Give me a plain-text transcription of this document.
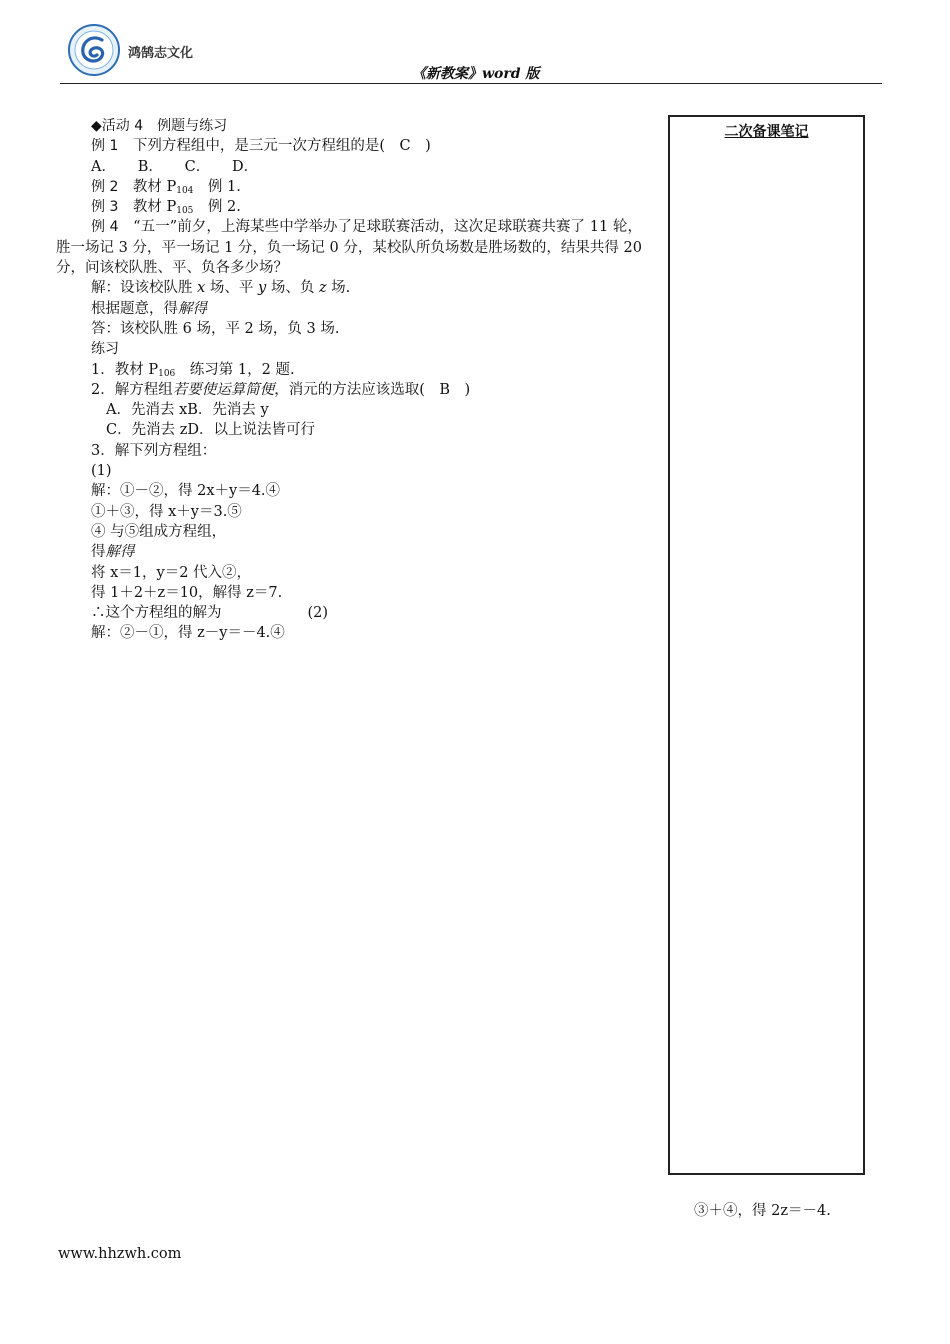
鸿鹄志文化
《新教案》word 版
◆活动 4　例题与练习
例 1　 下列方程组中，是三元一次方程组的是(　C　)
A．　　B．　　C．　　D．
例 2　 教材 $P_{104}$　例 1.
例 3　 教材 $P_{105}$　例 2.
例 4　 “五一”前夕，上海某些中学举办了足球联赛活动，这次足球联赛共赛了 11 轮，胜一场记 3 分，平一场记 1 分，负一场记 0 分，某校队所负场数是胜场数的，结果共得 20 分，问该校队胜、平、负各多少场？
解：设该校队胜 x 场、平 y 场、负 z 场.
根据题意，得解得
答：该校队胜 6 场，平 2 场，负 3 场.
练习
1．教材 $P_{106}$　练习第 1，2 题.
2．解方程组若要使运算简便，消元的方法应该选取(　B　)
A．先消去 xB．先消去 y
C．先消去 zD．以上说法皆可行
3．解下列方程组：
(1)
解：①－②，得 2x＋y＝4.④
①＋③，得 x＋y＝3.⑤
④ 与⑤组成方程组，
得解得
将 x＝1，y＝2 代入②，
得 1＋2＋z＝10，解得 z＝7.
∴这个方程组的解为	(2)
解：②－①，得 z－y＝－4.④
二次备课笔记
③＋④，得 2z＝－4.
www.hhzwh.com
